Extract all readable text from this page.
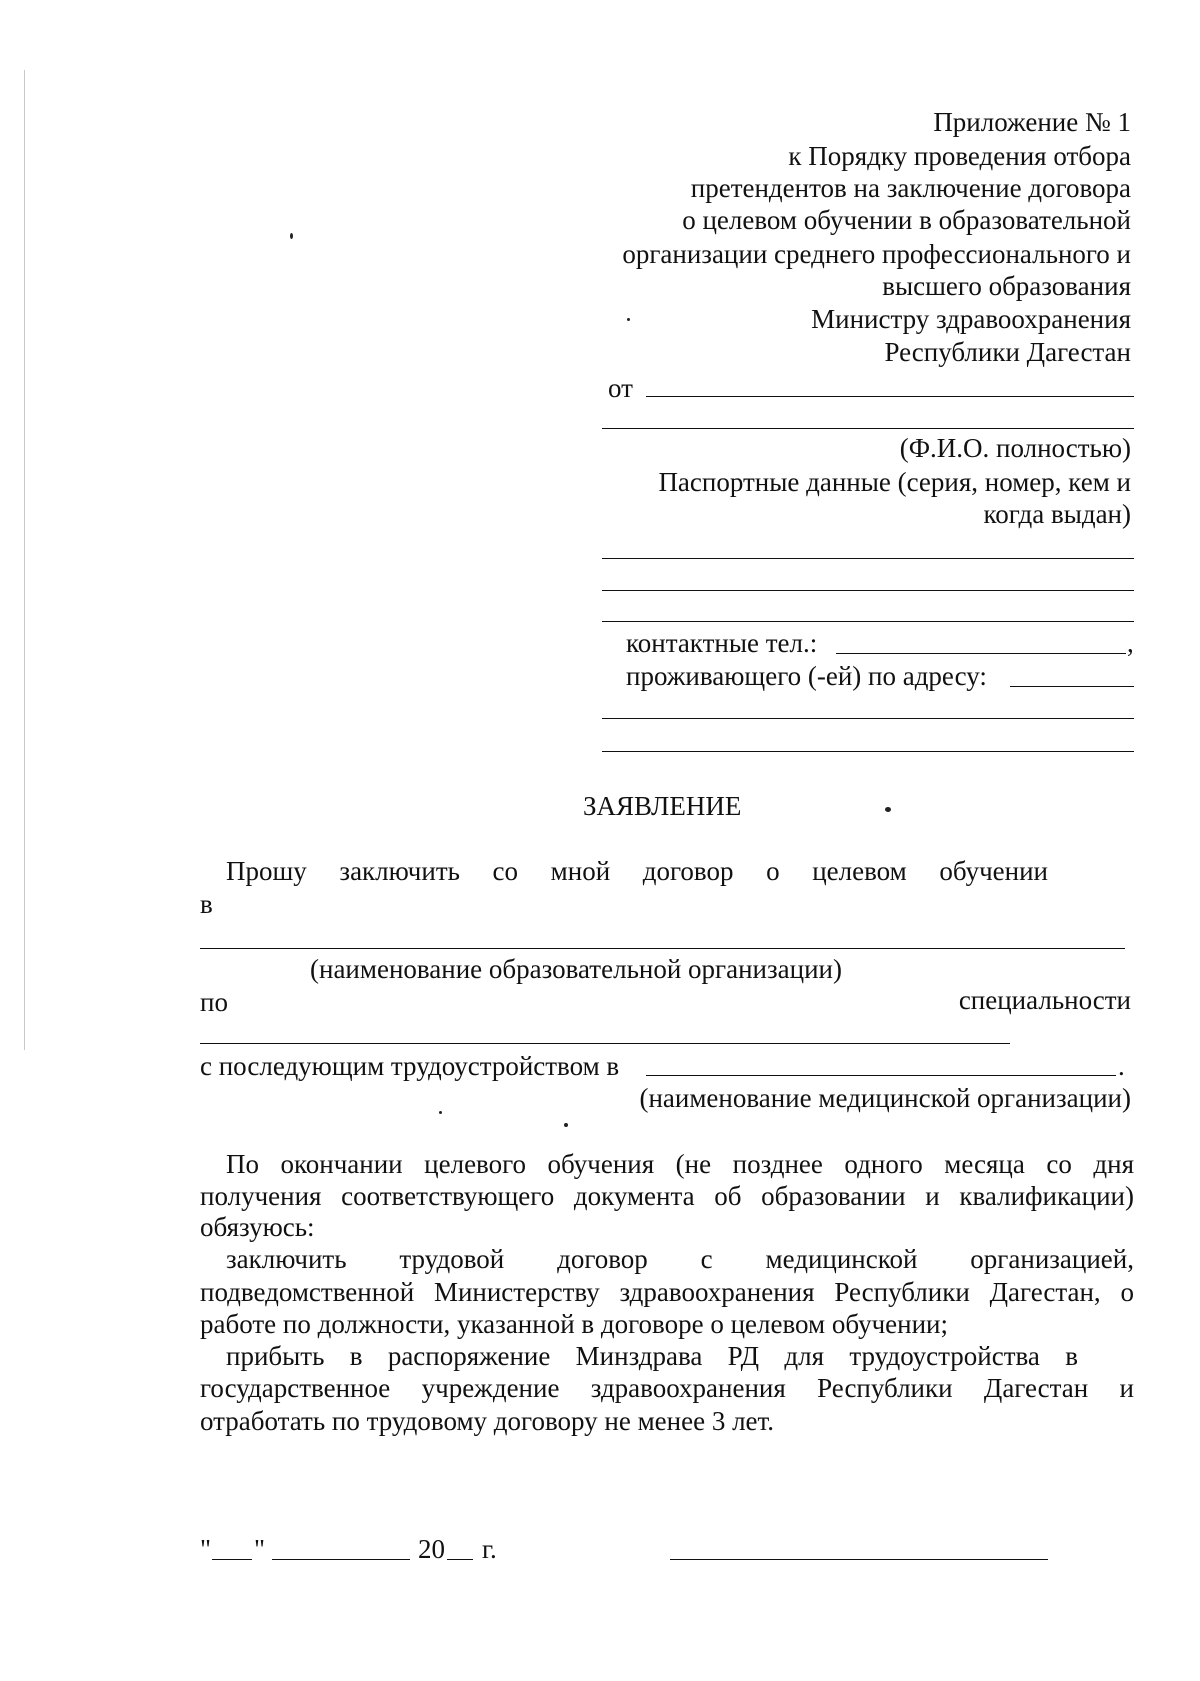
Приложение № 1
к Порядку проведения отбора
претендентов на заключение договора
о целевом обучении в образовательной
организации среднего профессионального и
высшего образования
Министру здравоохранения
Республики Дагестан
от
(Ф.И.О. полностью)
Паспортные данные (серия, номер, кем и
когда выдан)
контактные тел.:	,
проживающего (-ей) по адресу:
ЗАЯВЛЕНИЕ
Прошу заключить со мной договор о целевом обучении
в
(наименование образовательной организации)
по	специальности
с последующим трудоустройством в	.
(наименование медицинской организации)
По окончании целевого обучения (не позднее одного месяца со дня
получения соответствующего документа об образовании и квалификации)
обязуюсь:
заключить трудовой договор с медицинской организацией,
подведомственной Министерству здравоохранения Республики Дагестан, о
работе по должности, указанной в договоре о целевом обучении;
прибыть в распоряжение Минздрава РД для трудоустройства в
государственное учреждение здравоохранения Республики Дагестан и
отработать по трудовому договору не менее 3 лет.
" "	20 г.
